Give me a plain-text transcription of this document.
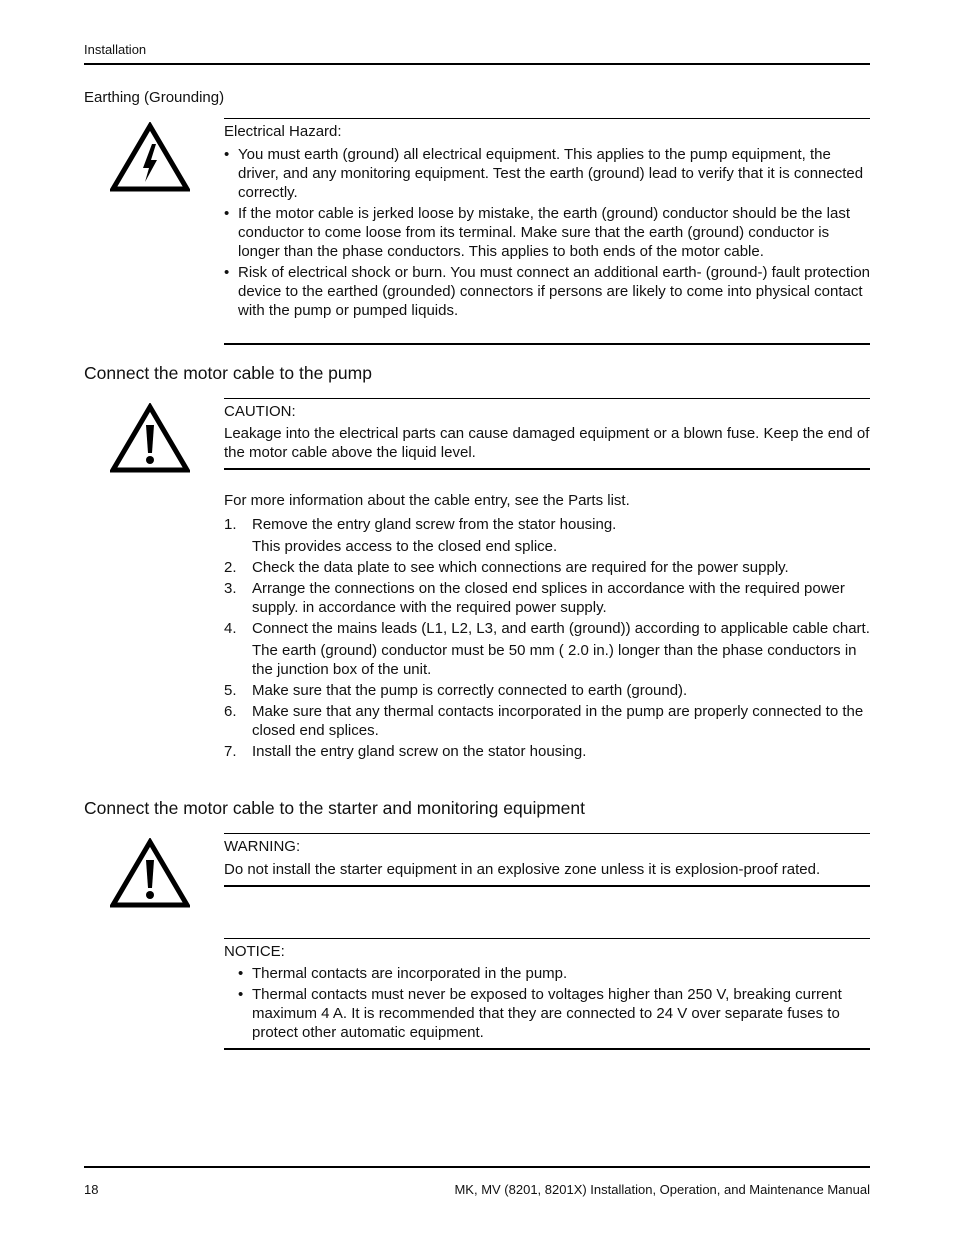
Installation
Earthing (Grounding)
Electrical Hazard:
• You must earth (ground) all electrical equipment. This applies to the pump equipment, the driver, and any monitoring equipment. Test the earth (ground) lead to verify that it is connected correctly.
• If the motor cable is jerked loose by mistake, the earth (ground) conductor should be the last conductor to come loose from its terminal. Make sure that the earth (ground) conductor is longer than the phase conductors. This applies to both ends of the motor cable.
• Risk of electrical shock or burn. You must connect an additional earth- (ground-) fault protection device to the earthed (grounded) connectors if persons are likely to come into physical contact with the pump or pumped liquids.
Connect the motor cable to the pump
CAUTION:
Leakage into the electrical parts can cause damaged equipment or a blown fuse. Keep the end of the motor cable above the liquid level.
For more information about the cable entry, see the Parts list.
1. Remove the entry gland screw from the stator housing.
This provides access to the closed end splice.
2. Check the data plate to see which connections are required for the power supply.
3. Arrange the connections on the closed end splices in accordance with the required power supply. in accordance with the required power supply.
4. Connect the mains leads (L1, L2, L3, and earth (ground)) according to applicable cable chart.
The earth (ground) conductor must be 50 mm ( 2.0 in.) longer than the phase conductors in the junction box of the unit.
5. Make sure that the pump is correctly connected to earth (ground).
6. Make sure that any thermal contacts incorporated in the pump are properly connected to the closed end splices.
7. Install the entry gland screw on the stator housing.
Connect the motor cable to the starter and monitoring equipment
WARNING:
Do not install the starter equipment in an explosive zone unless it is explosion-proof rated.
NOTICE:
• Thermal contacts are incorporated in the pump.
• Thermal contacts must never be exposed to voltages higher than 250 V, breaking current maximum 4 A. It is recommended that they are connected to 24 V over separate fuses to protect other automatic equipment.
18	MK, MV (8201, 8201X) Installation, Operation, and Maintenance Manual
